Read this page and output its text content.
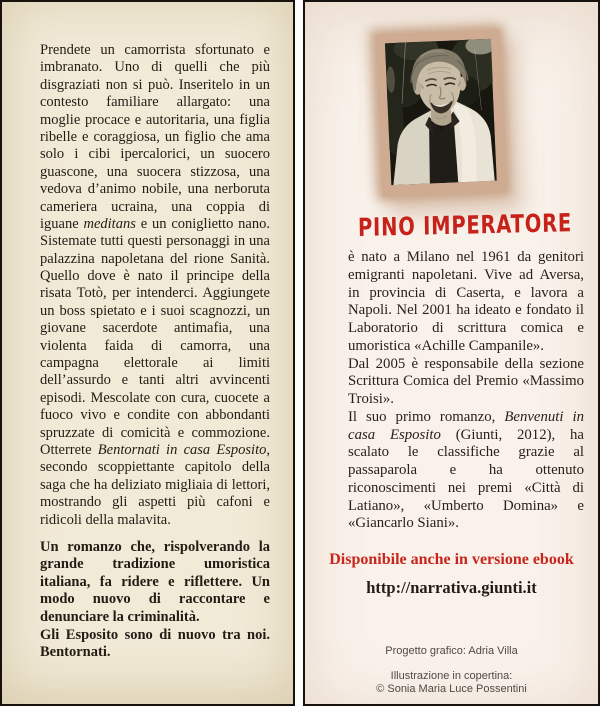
Prendete un camorrista sfortunato e imbranato. Uno di quelli che più disgraziati non si può. Inseritelo in un contesto familiare allargato: una moglie procace e autoritaria, una figlia ribelle e coraggiosa, un figlio che ama solo i cibi ipercalorici, un suocero guascone, una suocera stizzosa, una vedova d’animo nobile, una nerboruta cameriera ucraina, una coppia di iguane meditans e un coniglietto nano. Sistemate tutti questi personaggi in una palazzina napoletana del rione Sanità. Quello dove è nato il principe della risata Totò, per intenderci. Aggiungete un boss spietato e i suoi scagnozzi, un giovane sacerdote antimafia, una violenta faida di camorra, una campagna elettorale ai limiti dell’assurdo e tanti altri avvincenti episodi. Mescolate con cura, cuocete a fuoco vivo e condite con abbondanti spruzzate di comicità e commozione. Otterrete Bentornati in casa Esposito, secondo scoppiettante capitolo della saga che ha deliziato migliaia di lettori, mostrando gli aspetti più cafoni e ridicoli della malavita.

Un romanzo che, rispolverando la grande tradizione umoristica italiana, fa ridere e riflettere. Un modo nuovo di raccontare e denunciare la criminalità.

Gli Esposito sono di nuovo tra noi. Bentornati.

PINO IMPERATORE

è nato a Milano nel 1961 da genitori emigranti napoletani. Vive ad Aversa, in provincia di Caserta, e lavora a Napoli. Nel 2001 ha ideato e fondato il Laboratorio di scrittura comica e umoristica «Achille Campanile».

Dal 2005 è responsabile della sezione Scrittura Comica del Premio «Massimo Troisi».

Il suo primo romanzo, Benvenuti in casa Esposito (Giunti, 2012), ha scalato le classifiche grazie al passaparola e ha ottenuto riconoscimenti nei premi «Città di Latiano», «Umberto Domina» e «Giancarlo Siani».

Disponibile anche in versione ebook

http://narrativa.giunti.it

Progetto grafico: Adria Villa

Illustrazione in copertina:

© Sonia Maria Luce Possentini
